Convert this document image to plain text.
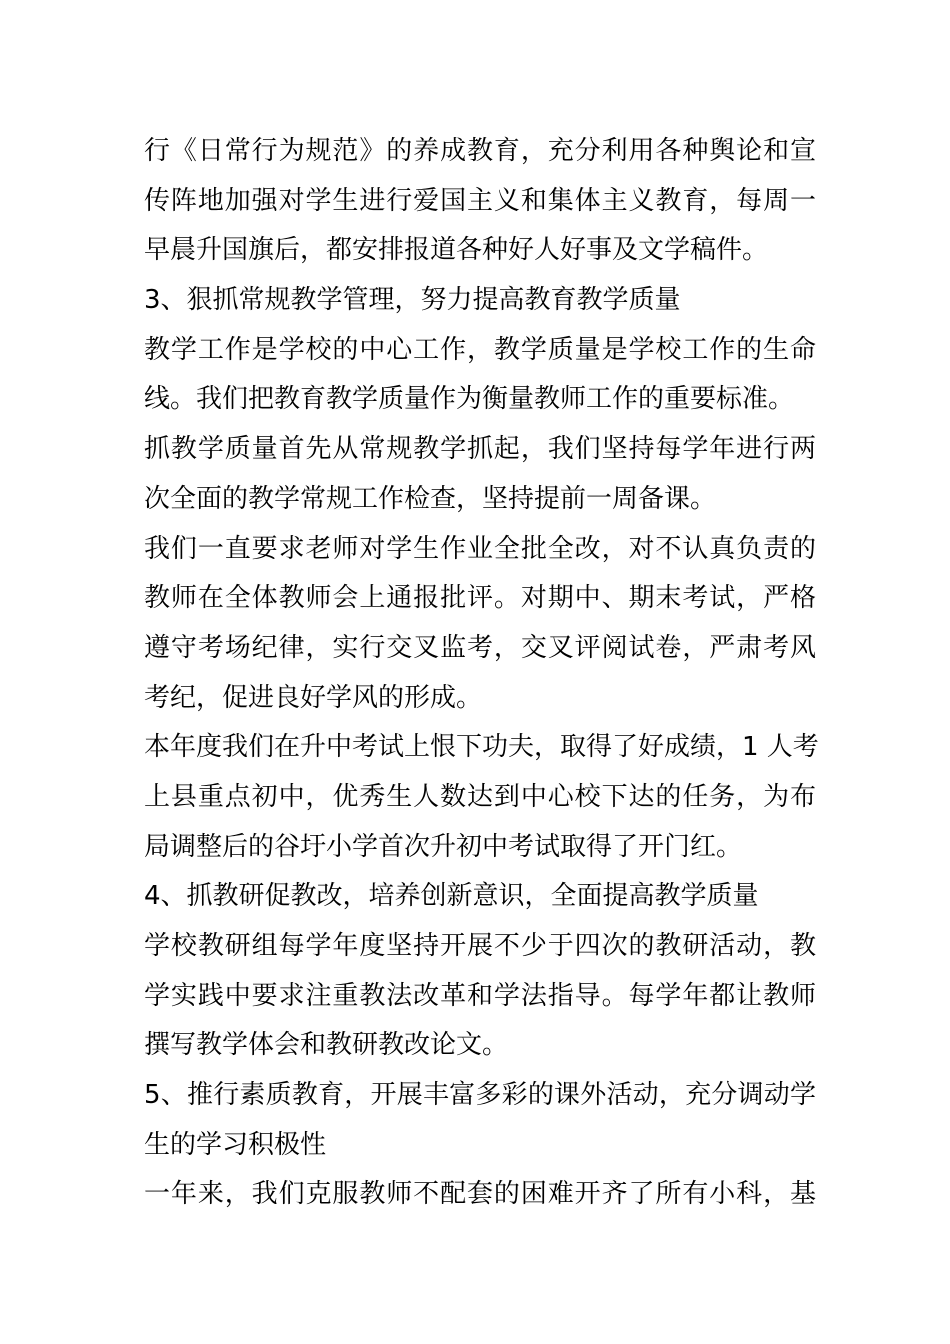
行《日常行为规范》的养成教育，充分利用各种舆论和宣
传阵地加强对学生进行爱国主义和集体主义教育，每周一
早晨升国旗后，都安排报道各种好人好事及文学稿件。
3、狠抓常规教学管理，努力提高教育教学质量
教学工作是学校的中心工作，教学质量是学校工作的生命
线。我们把教育教学质量作为衡量教师工作的重要标准。
抓教学质量首先从常规教学抓起，我们坚持每学年进行两
次全面的教学常规工作检查，坚持提前一周备课。
我们一直要求老师对学生作业全批全改，对不认真负责的
教师在全体教师会上通报批评。对期中、期末考试，严格
遵守考场纪律，实行交叉监考，交叉评阅试卷，严肃考风
考纪，促进良好学风的形成。
本年度我们在升中考试上恨下功夫，取得了好成绩，1 人考
上县重点初中，优秀生人数达到中心校下达的任务，为布
局调整后的谷圩小学首次升初中考试取得了开门红。
4、抓教研促教改，培养创新意识，全面提高教学质量
学校教研组每学年度坚持开展不少于四次的教研活动，教
学实践中要求注重教法改革和学法指导。每学年都让教师
撰写教学体会和教研教改论文。
5、推行素质教育，开展丰富多彩的课外活动，充分调动学
生的学习积极性
一年来，我们克服教师不配套的困难开齐了所有小科，基
